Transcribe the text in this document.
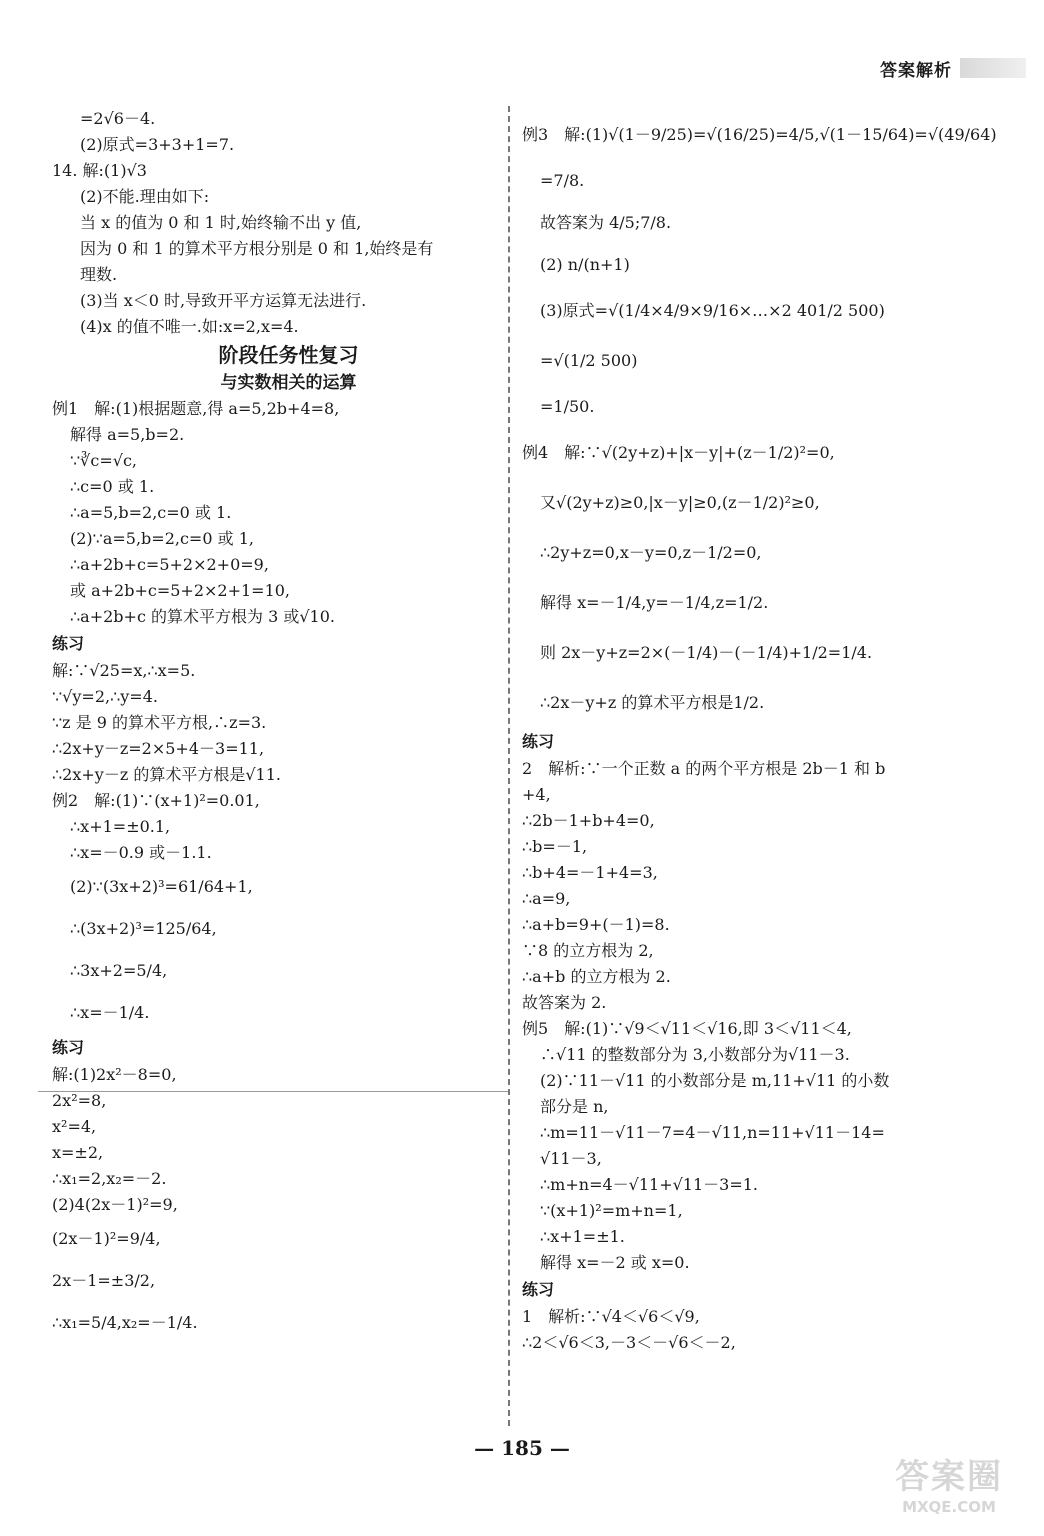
答案解析
=2√6－4.
(2)原式=3+3+1=7.
14. 解:(1)√3
(2)不能.理由如下:
当 x 的值为 0 和 1 时,始终输不出 y 值,
因为 0 和 1 的算术平方根分别是 0 和 1,始终是有
理数.
(3)当 x＜0 时,导致开平方运算无法进行.
(4)x 的值不唯一.如:x=2,x=4.
阶段任务性复习
与实数相关的运算
例1　解:(1)根据题意,得 a=5,2b+4=8,
解得 a=5,b=2.
∵∛c=√c,
∴c=0 或 1.
∴a=5,b=2,c=0 或 1.
(2)∵a=5,b=2,c=0 或 1,
∴a+2b+c=5+2×2+0=9,
或 a+2b+c=5+2×2+1=10,
∴a+2b+c 的算术平方根为 3 或√10.
练习
解:∵√25=x,∴x=5.
∵√y=2,∴y=4.
∵z 是 9 的算术平方根,∴z=3.
∴2x+y－z=2×5+4－3=11,
∴2x+y－z 的算术平方根是√11.
例2　解:(1)∵(x+1)²=0.01,
∴x+1=±0.1,
∴x=－0.9 或－1.1.
(2)∵(3x+2)³=61/64+1,
∴(3x+2)³=125/64,
∴3x+2=5/4,
∴x=－1/4.
练习
解:(1)2x²－8=0,
2x²=8,
x²=4,
x=±2,
∴x₁=2,x₂=－2.
(2)4(2x－1)²=9,
(2x－1)²=9/4,
2x－1=±3/2,
∴x₁=5/4,x₂=－1/4.
例3　解:(1)√(1－9/25)=√(16/25)=4/5,√(1－15/64)=√(49/64)
=7/8.
故答案为 4/5;7/8.
(2) n/(n+1)
(3)原式=√(1/4×4/9×9/16×…×2 401/2 500)
=√(1/2 500)
=1/50.
例4　解:∵√(2y+z)+|x－y|+(z－1/2)²=0,
又√(2y+z)≥0,|x－y|≥0,(z－1/2)²≥0,
∴2y+z=0,x－y=0,z－1/2=0,
解得 x=－1/4,y=－1/4,z=1/2.
则 2x－y+z=2×(－1/4)－(－1/4)+1/2=1/4.
∴2x－y+z 的算术平方根是1/2.
练习
2　解析:∵一个正数 a 的两个平方根是 2b－1 和 b
+4,
∴2b－1+b+4=0,
∴b=－1,
∴b+4=－1+4=3,
∴a=9,
∴a+b=9+(－1)=8.
∵8 的立方根为 2,
∴a+b 的立方根为 2.
故答案为 2.
例5　解:(1)∵√9＜√11＜√16,即 3＜√11＜4,
∴√11 的整数部分为 3,小数部分为√11－3.
(2)∵11－√11 的小数部分是 m,11+√11 的小数
部分是 n,
∴m=11－√11－7=4－√11,n=11+√11－14=
√11－3,
∴m+n=4－√11+√11－3=1.
∵(x+1)²=m+n=1,
∴x+1=±1.
解得 x=－2 或 x=0.
练习
1　解析:∵√4＜√6＜√9,
∴2＜√6＜3,－3＜－√6＜－2,
— 185 —
答案圈
MXQE.COM
